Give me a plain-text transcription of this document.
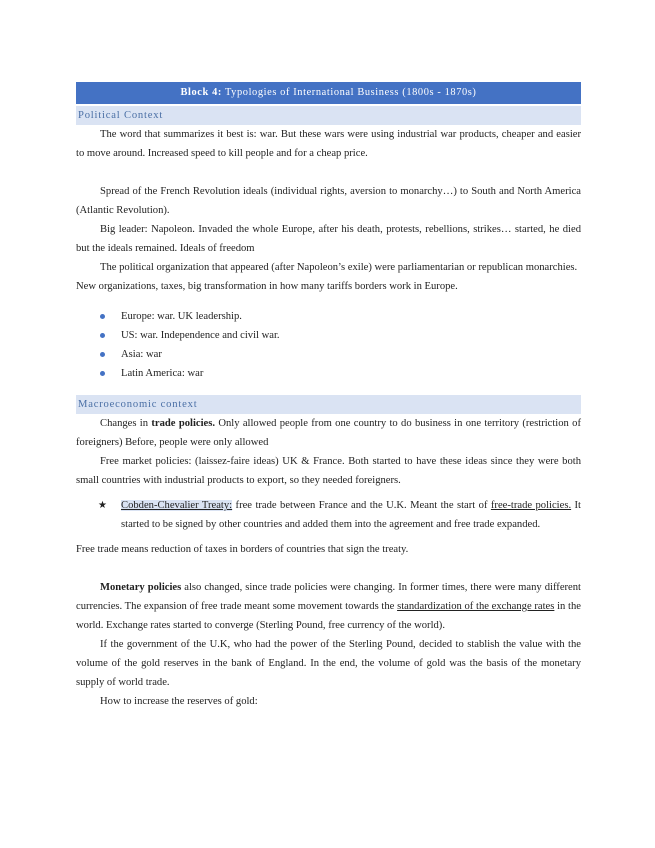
Block 4: Typologies of International Business (1800s - 1870s)
Political Context

The word that summarizes it best is: war. But these wars were using industrial war products, cheaper and easier to move around. Increased speed to kill people and for a cheap price.

Spread of the French Revolution ideals (individual rights, aversion to monarchy…) to South and North America (Atlantic Revolution).

Big leader: Napoleon. Invaded the whole Europe, after his death, protests, rebellions, strikes… started, he died but the ideals remained. Ideals of freedom

The political organization that appeared (after Napoleon’s exile) were parliamentarian or republican monarchies.

New organizations, taxes, big transformation in how many tariffs borders work in Europe.

Europe: war. UK leadership.
US: war. Independence and civil war.
Asia: war
Latin America: war
Macroeconomic context

Changes in trade policies. Only allowed people from one country to do business in one territory (restriction of foreigners) Before, people were only allowed

Free market policies: (laissez-faire ideas) UK & France. Both started to have these ideas since they were both small countries with industrial products to export, so they needed foreigners.

★ Cobden-Chevalier Treaty: free trade between France and the U.K. Meant the start of free-trade policies. It started to be signed by other countries and added them into the agreement and free trade expanded.

Free trade means reduction of taxes in borders of countries that sign the treaty.

Monetary policies also changed, since trade policies were changing. In former times, there were many different currencies. The expansion of free trade meant some movement towards the standardization of the exchange rates in the world. Exchange rates started to converge (Sterling Pound, free currency of the world).

If the government of the U.K, who had the power of the Sterling Pound, decided to stablish the value with the volume of the gold reserves in the bank of England. In the end, the volume of gold was the basis of the monetary supply of world trade.

How to increase the reserves of gold:
